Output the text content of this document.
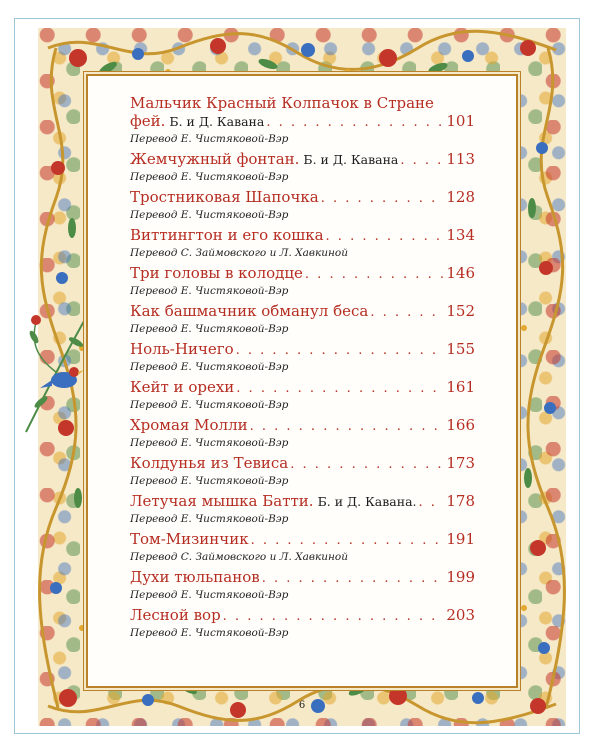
Мальчик Красный Колпачок в Стране
фей. Б. и Д. Кавана . . .	101
Перевод Е. Чистяковой-Вэр
Жемчужный фонтан. Б. и Д. Кавана . . .	113
Перевод Е. Чистяковой-Вэр
Тростниковая Шапочка . . .	128
Перевод Е. Чистяковой-Вэр
Виттингтон и его кошка . . .	134
Перевод С. Займовского и Л. Хавкиной
Три головы в колодце . . .	146
Перевод Е. Чистяковой-Вэр
Как башмачник обманул беса . . .	152
Перевод Е. Чистяковой-Вэр
Ноль-Ничего . . .	155
Перевод Е. Чистяковой-Вэр
Кейт и орехи . . .	161
Перевод Е. Чистяковой-Вэр
Хромая Молли . . .	166
Перевод Е. Чистяковой-Вэр
Колдунья из Тевиса . . .	173
Перевод Е. Чистяковой-Вэр
Летучая мышка Батти. Б. и Д. Кавана. . . . 178
Перевод Е. Чистяковой-Вэр
Том-Мизинчик . . .	191
Перевод С. Займовского и Л. Хавкиной
Духи тюльпанов . . .	199
Перевод Е. Чистяковой-Вэр
Лесной вор . . .	203
Перевод Е. Чистяковой-Вэр
6
